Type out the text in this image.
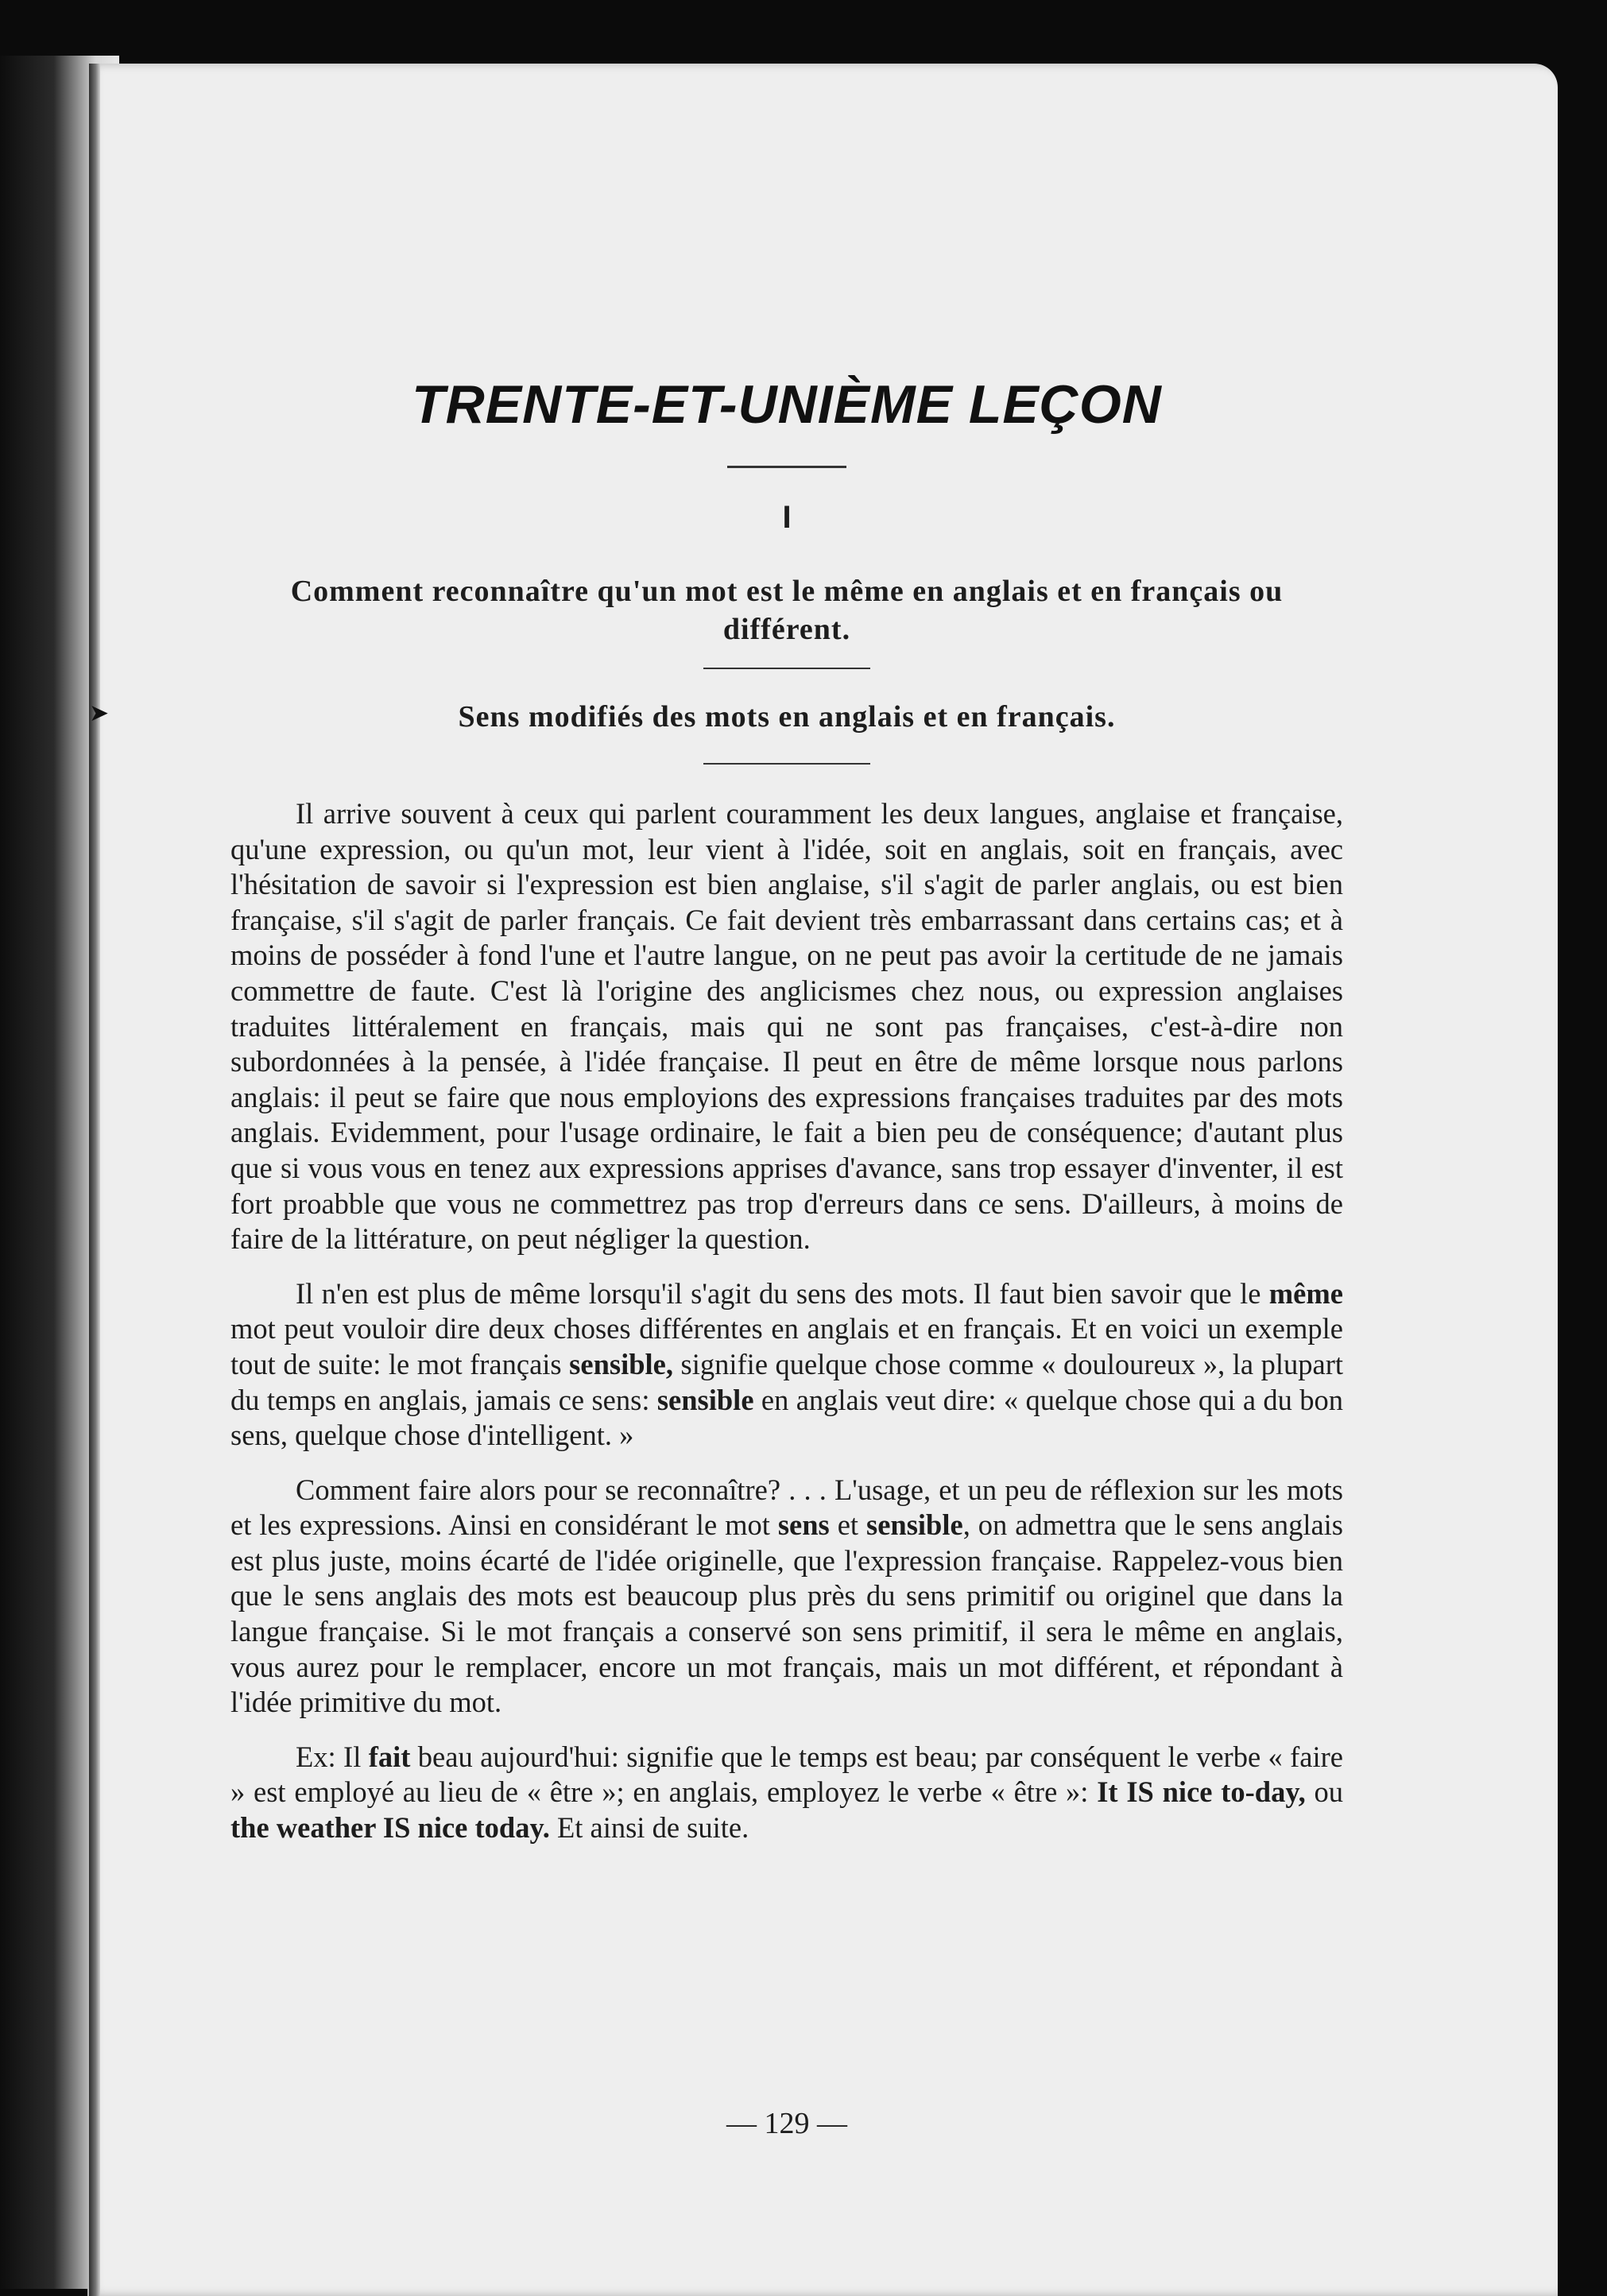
➤
TRENTE-ET-UNIÈME LEÇON
I
Comment reconnaître qu'un mot est le même en anglais et en français ou différent.
Sens modifiés des mots en anglais et en français.

Il arrive souvent à ceux qui parlent couramment les deux langues, anglaise et française, qu'une expression, ou qu'un mot, leur vient à l'idée, soit en anglais, soit en français, avec l'hésitation de savoir si l'expression est bien anglaise, s'il s'agit de parler anglais, ou est bien française, s'il s'agit de parler français. Ce fait devient très embarrassant dans certains cas; et à moins de posséder à fond l'une et l'autre langue, on ne peut pas avoir la certitude de ne jamais commettre de faute. C'est là l'origine des anglicismes chez nous, ou expression anglaises traduites littéralement en français, mais qui ne sont pas françaises, c'est-à-dire non subordonnées à la pensée, à l'idée française. Il peut en être de même lorsque nous parlons anglais: il peut se faire que nous employions des expressions françaises traduites par des mots anglais. Evidemment, pour l'usage ordinaire, le fait a bien peu de conséquence; d'autant plus que si vous vous en tenez aux expressions apprises d'avance, sans trop essayer d'inventer, il est fort proabble que vous ne commettrez pas trop d'erreurs dans ce sens. D'ailleurs, à moins de faire de la littérature, on peut négliger la question.

Il n'en est plus de même lorsqu'il s'agit du sens des mots. Il faut bien savoir que le même mot peut vouloir dire deux choses différentes en anglais et en français. Et en voici un exemple tout de suite: le mot français sensible, signifie quelque chose comme « douloureux », la plupart du temps en anglais, jamais ce sens: sensible en anglais veut dire: « quelque chose qui a du bon sens, quelque chose d'intelligent. »

Comment faire alors pour se reconnaître? . . . L'usage, et un peu de réflexion sur les mots et les expressions. Ainsi en considérant le mot sens et sensible, on admettra que le sens anglais est plus juste, moins écarté de l'idée originelle, que l'expression française. Rappelez-vous bien que le sens anglais des mots est beaucoup plus près du sens primitif ou originel que dans la langue française. Si le mot français a conservé son sens primitif, il sera le même en anglais, vous aurez pour le remplacer, encore un mot français, mais un mot différent, et répondant à l'idée primitive du mot.

Ex: Il fait beau aujourd'hui: signifie que le temps est beau; par conséquent le verbe « faire » est employé au lieu de « être »; en anglais, employez le verbe « être »: It IS nice to-day, ou the weather IS nice today. Et ainsi de suite.

— 129 —
